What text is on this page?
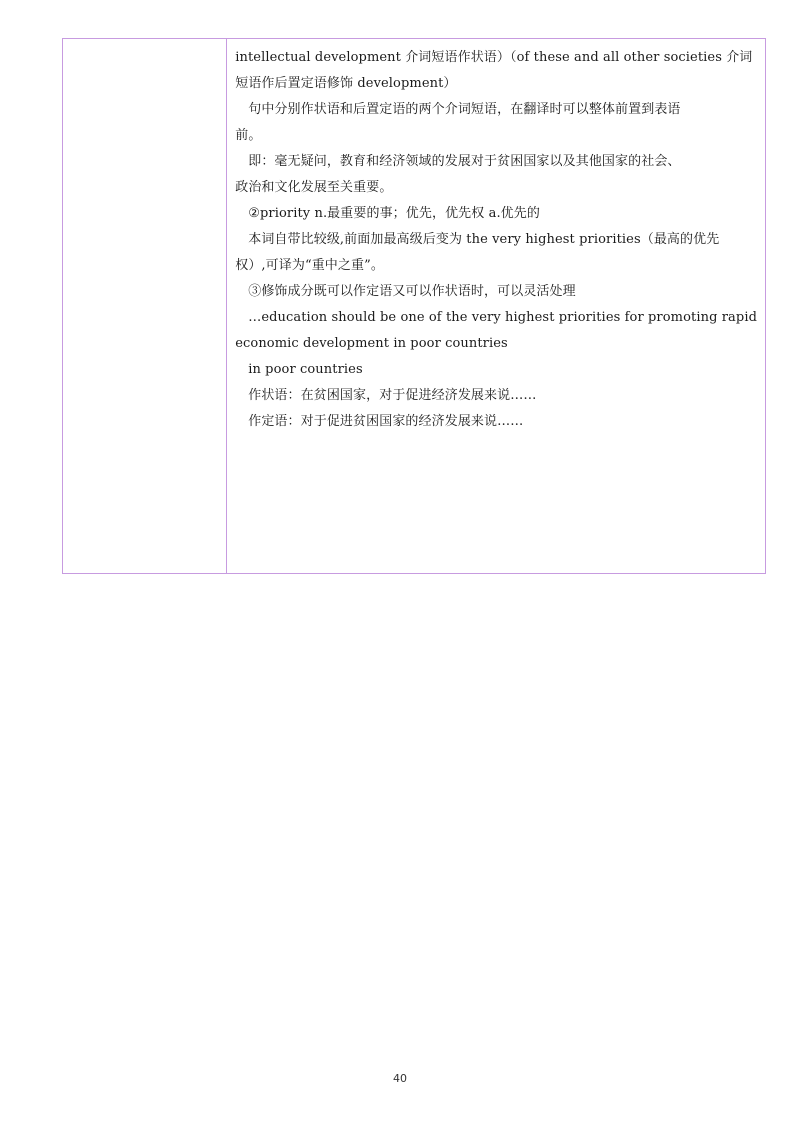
intellectual development 介词短语作状语）（of these and all other societies 介词
短语作后置定语修饰 development）
句中分别作状语和后置定语的两个介词短语，在翻译时可以整体前置到表语
前。
即：毫无疑问，教育和经济领域的发展对于贫困国家以及其他国家的社会、
政治和文化发展至关重要。
②priority n.最重要的事；优先，优先权 a.优先的
本词自带比较级,前面加最高级后变为 the very highest priorities（最高的优先
权）,可译为“重中之重”。
③修饰成分既可以作定语又可以作状语时，可以灵活处理
…education should be one of the very highest priorities for promoting rapid
economic development in poor countries
in poor countries
作状语：在贫困国家，对于促进经济发展来说……
作定语：对于促进贫困国家的经济发展来说……
40
